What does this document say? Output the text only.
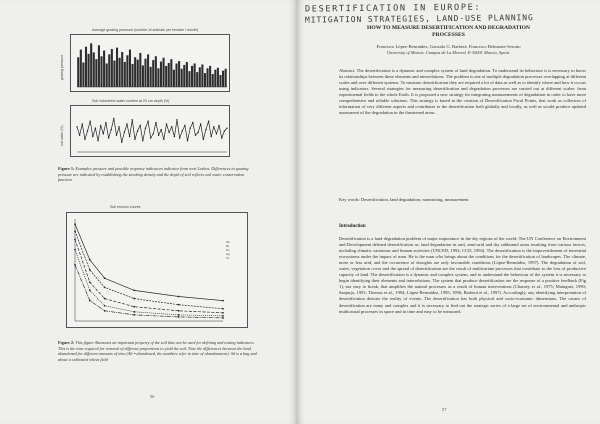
Average grazing pressure (number of animals per hectare / month)
grazing pressure
Soil volumetric water content at 20 cm depth (%)
soil water (%)
Figure 1: Examples pressure and possible response indicators indicator from west Lesbos. Differences in grazing pressure are indicated by establishing the stocking density and the depth of soil reflects soil water conservation function
Soil erosion curves
Ab
Rt
Sc
Ag
Ts
Figure 2: This figure illustrates an important property of the soil that can be used for defining and testing indicators. This is the time required for removal of different proportions to yield the soil. Note the differences between the land abandoned for different amounts of time (Ab =abandoned, the numbers refer to time of abandonment). Sd is a bag and about a cultivated wheat field
56
DESERTIFICATION IN EUROPE:
MITIGATION STRATEGIES, LAND-USE PLANNING
HOW TO MEASURE DESERTIFICATION AND DEGRADATION
PROCESSES
Francisco López-Bermúdez, Gonzalo G. Barberá, Francisco Belmonte-Serrato
University of Murcia. Campus de La Merced. E-30001 Murcia, Spain.
Abstract. The desertification is a dynamic and complex system of land degradation. To understand its behaviour it is necessary to know its relationships between these elements and interrelations. The problem is one of multiple degradation processes overlapping at different scales and over different systems. To measure desertification they are required a lot of data as well as to identify where and how it occurs using indicators. Several strategies for measuring desertification and degradation processes are carried out at different scales: from experimental fields to the whole Earth. It is proposed a new strategy for integrating measurements of degradation in order to have more comprehensive and reliable solutions. This strategy is based in the creation of Desertification Focal Points, that work as collectors of information of very different aspects and contributes to the desertification both globally and locally, as well as would produce updated assessment of the degradation in the threatened areas.
Key words: Desertification, land degradation, monitoring, measurement
Introduction
Desertification is a land degradation problem of major importance in the dry regions of the world. The UN Conference on Environment and Development defined desertification as: land degradation in arid, semi-arid and dry subhumid areas resulting from various factors, including climatic variations and human activities (UNCED, 1992; CCD, 1994). The desertification is the impoverishment of terrestrial ecosystems under the impact of man. He is the man who brings about the conditions for the desertification of landscapes. The climate, more or less arid, and the occurrence of droughts are only favourable conditions (López-Bermúdez, 1997). The degradation of soil, water, vegetation cover and the spread of desertification are the result of multivariate processes that contribute to the loss of productive capacity of land. The desertification is a dynamic and complex system, and to understand the behaviour of the system it is necessary to begin identifying their elements and interrelations. The system that produce desertification are the response of a positive feedback (Fig 1), not easy to break, that amplifies the natural processes as a result of human interventions (Charney et al., 1975; Mainguet, 1990; Sanjurjo, 1991; Thomas et al., 1994; López-Bermúdez, 1995, 1996; Barberá et al., 1997). Accordingly, any identifying interpretation of desertification distorts the reality of events. The desertification has both physical and socio-economic dimensions. The causes of desertification are many and complex and it is necessary to find out the strategic series of a large set of environmental and anthropic multicausal processes in space and in time and easy to be measured.
57
